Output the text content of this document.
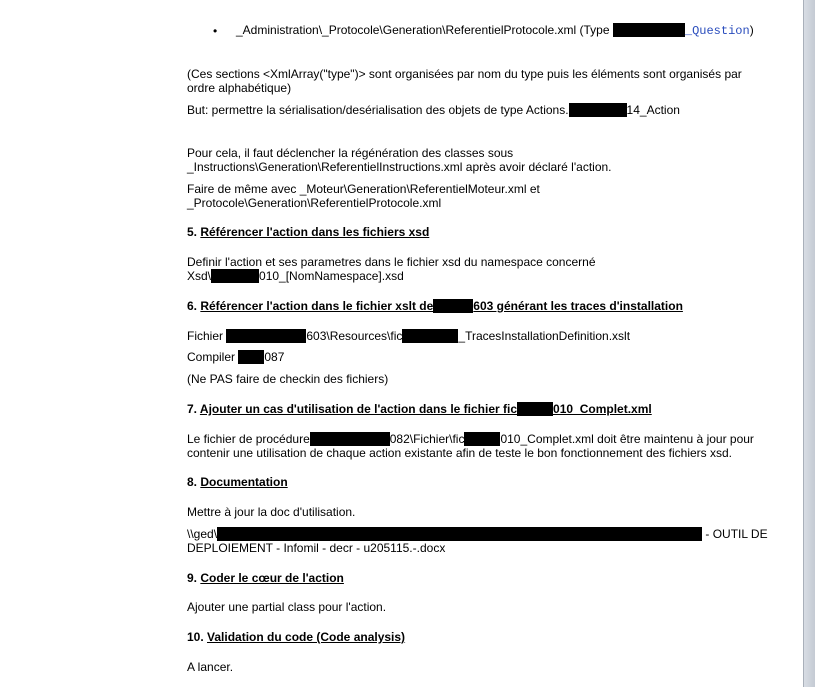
• _Administration\_Protocole\Generation\ReferentielProtocole.xml (Type	_Question)
(Ces sections <XmlArray("type")> sont organisées par nom du type puis les éléments sont organisés par
ordre alphabétique)
But: permettre la sérialisation/desérialisation des objets de type Actions.	14_Action
Pour cela, il faut déclencher la régénération des classes sous
_Instructions\Generation\ReferentielInstructions.xml après avoir déclaré l'action.
Faire de même avec _Moteur\Generation\ReferentielMoteur.xml et
_Protocole\Generation\ReferentielProtocole.xml
5. Référencer l'action dans les fichiers xsd
Definir l'action et ses parametres dans le fichier xsd du namespace concerné
Xsd\	010_[NomNamespace].xsd
6. Référencer l'action dans le fichier xslt de	603 générant les traces d'installation
Fichier	603\Resources\fic	_TracesInstallationDefinition.xslt
Compiler 087
(Ne PAS faire de checkin des fichiers)
7. Ajouter un cas d'utilisation de l'action dans le fichier fic	010_Complet.xml
Le fichier de procédure	082\Fichier\fic	010_Complet.xml doit être maintenu à jour pour
contenir une utilisation de chaque action existante afin de teste le bon fonctionnement des fichiers xsd.
8. Documentation
Mettre à jour la doc d'utilisation.
\\ged\	- OUTIL DE
DEPLOIEMENT - Infomil - decr - u205115.-.docx
9. Coder le cœur de l'action
Ajouter une partial class pour l'action.
10. Validation du code (Code analysis)
A lancer.
